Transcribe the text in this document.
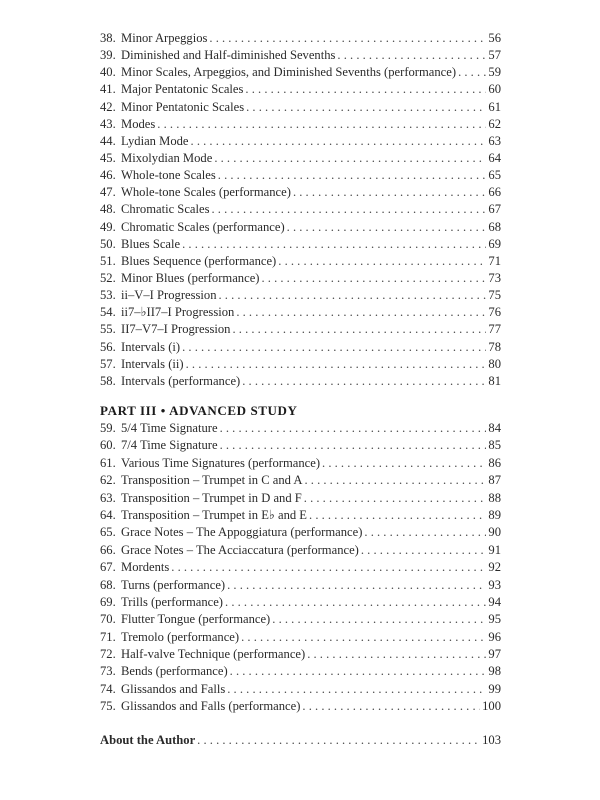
38. Minor Arpeggios . . .	56
39. Diminished and Half-diminished Sevenths . . .	57
40. Minor Scales, Arpeggios, and Diminished Sevenths (performance) . . .	59
41. Major Pentatonic Scales . . .	60
42. Minor Pentatonic Scales . . .	61
43. Modes . . .	62
44. Lydian Mode . . .	63
45. Mixolydian Mode . . .	64
46. Whole-tone Scales . . .	65
47. Whole-tone Scales (performance) . . .	66
48. Chromatic Scales . . .	67
49. Chromatic Scales (performance) . . .	68
50. Blues Scale . . .	69
51. Blues Sequence (performance) . . .	71
52. Minor Blues (performance) . . .	73
53. ii–V–I Progression . . .	75
54. ii7–♭II7–I Progression . . .	76
55. II7–V7–I Progression . . .	77
56. Intervals (i) . . .	78
57. Intervals (ii) . . .	80
58. Intervals (performance) . . .	81
PART III • ADVANCED STUDY
59. 5/4 Time Signature . . .	84
60. 7/4 Time Signature . . .	85
61. Various Time Signatures (performance) . . .	86
62. Transposition – Trumpet in C and A . . .	87
63. Transposition – Trumpet in D and F . . .	88
64. Transposition – Trumpet in E♭ and E . . .	89
65. Grace Notes – The Appoggiatura (performance) . . .	90
66. Grace Notes – The Acciaccatura (performance) . . .	91
67. Mordents . . .	92
68. Turns (performance) . . .	93
69. Trills (performance) . . .	94
70. Flutter Tongue (performance) . . .	95
71. Tremolo (performance) . . .	96
72. Half-valve Technique (performance) . . .	97
73. Bends (performance) . . .	98
74. Glissandos and Falls . . .	99
75. Glissandos and Falls (performance) . . .	100
About the Author . . .	103
